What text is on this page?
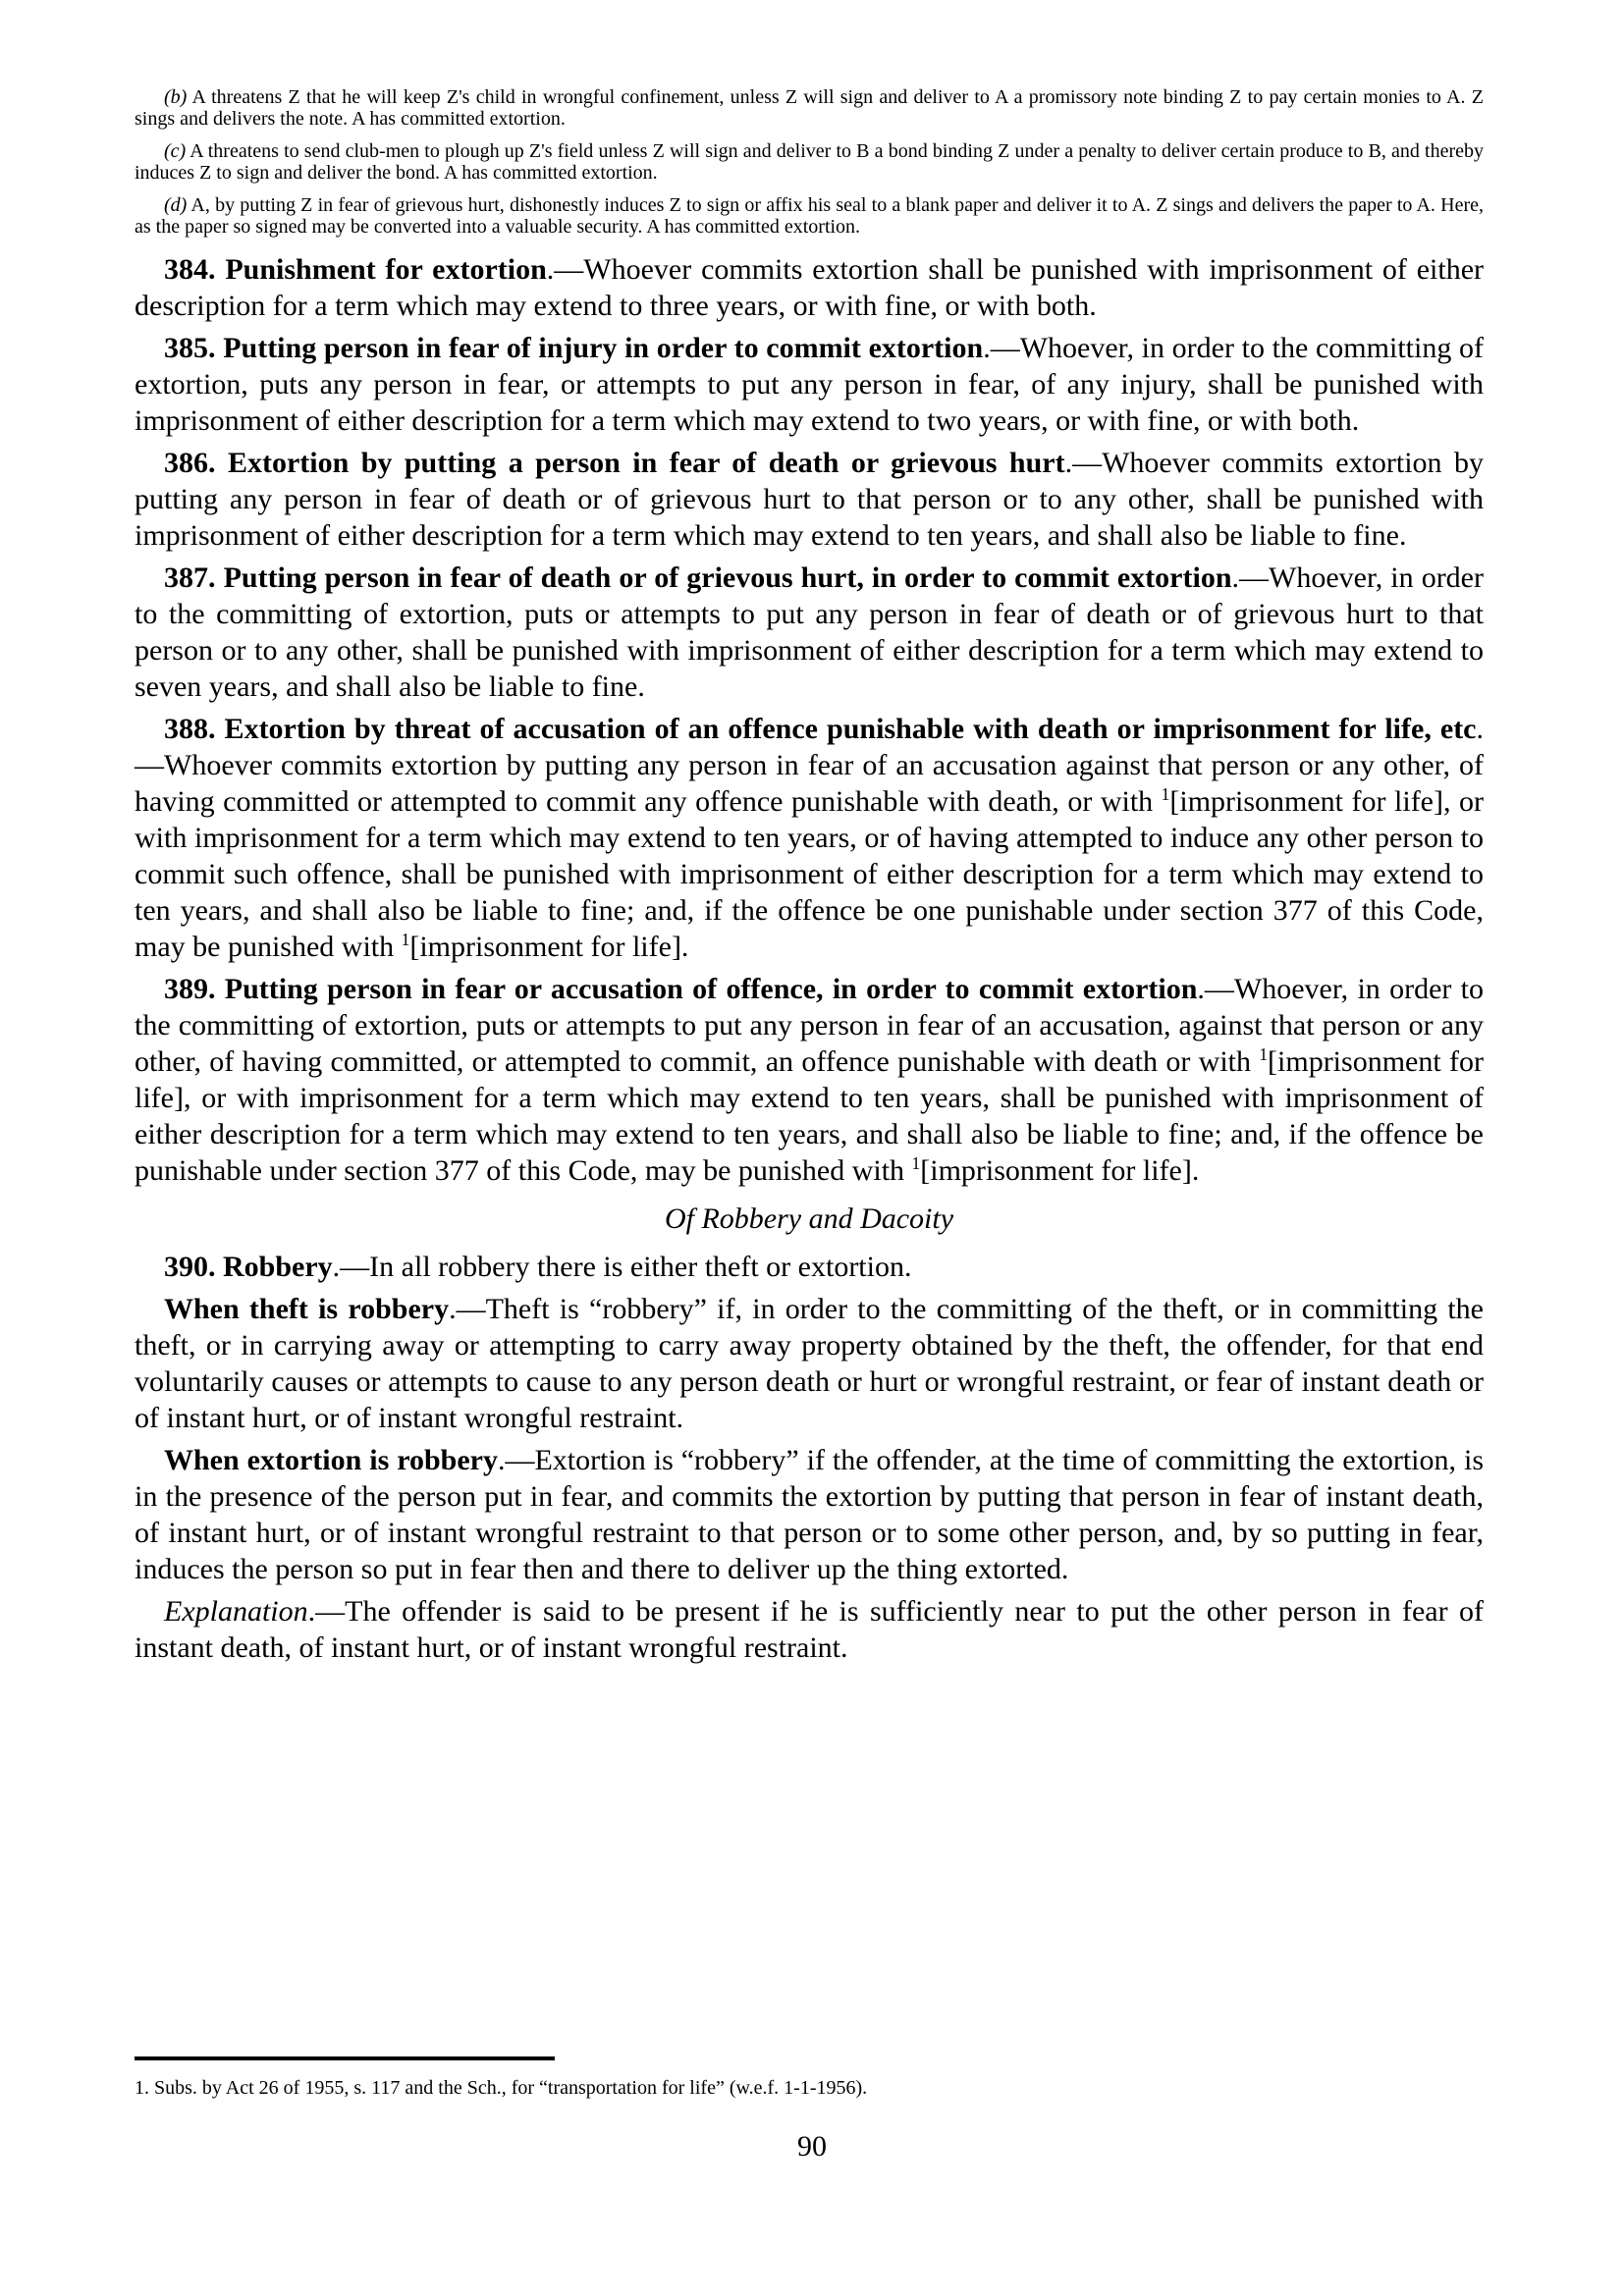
(b) A threatens Z that he will keep Z's child in wrongful confinement, unless Z will sign and deliver to A a promissory note binding Z to pay certain monies to A. Z sings and delivers the note. A has committed extortion.

(c) A threatens to send club-men to plough up Z's field unless Z will sign and deliver to B a bond binding Z under a penalty to deliver certain produce to B, and thereby induces Z to sign and deliver the bond. A has committed extortion.

(d) A, by putting Z in fear of grievous hurt, dishonestly induces Z to sign or affix his seal to a blank paper and deliver it to A. Z sings and delivers the paper to A. Here, as the paper so signed may be converted into a valuable security. A has committed extortion.

384. Punishment for extortion.—Whoever commits extortion shall be punished with imprisonment of either description for a term which may extend to three years, or with fine, or with both.

385. Putting person in fear of injury in order to commit extortion.—Whoever, in order to the committing of extortion, puts any person in fear, or attempts to put any person in fear, of any injury, shall be punished with imprisonment of either description for a term which may extend to two years, or with fine, or with both.

386. Extortion by putting a person in fear of death or grievous hurt.—Whoever commits extortion by putting any person in fear of death or of grievous hurt to that person or to any other, shall be punished with imprisonment of either description for a term which may extend to ten years, and shall also be liable to fine.

387. Putting person in fear of death or of grievous hurt, in order to commit extortion.—Whoever, in order to the committing of extortion, puts or attempts to put any person in fear of death or of grievous hurt to that person or to any other, shall be punished with imprisonment of either description for a term which may extend to seven years, and shall also be liable to fine.

388. Extortion by threat of accusation of an offence punishable with death or imprisonment for life, etc.—Whoever commits extortion by putting any person in fear of an accusation against that person or any other, of having committed or attempted to commit any offence punishable with death, or with $^1$[imprisonment for life], or with imprisonment for a term which may extend to ten years, or of having attempted to induce any other person to commit such offence, shall be punished with imprisonment of either description for a term which may extend to ten years, and shall also be liable to fine; and, if the offence be one punishable under section 377 of this Code, may be punished with $^1$[imprisonment for life].

389. Putting person in fear or accusation of offence, in order to commit extortion.—Whoever, in order to the committing of extortion, puts or attempts to put any person in fear of an accusation, against that person or any other, of having committed, or attempted to commit, an offence punishable with death or with $^1$[imprisonment for life], or with imprisonment for a term which may extend to ten years, shall be punished with imprisonment of either description for a term which may extend to ten years, and shall also be liable to fine; and, if the offence be punishable under section 377 of this Code, may be punished with $^1$[imprisonment for life].

Of Robbery and Dacoity

390. Robbery.—In all robbery there is either theft or extortion.

When theft is robbery.—Theft is “robbery” if, in order to the committing of the theft, or in committing the theft, or in carrying away or attempting to carry away property obtained by the theft, the offender, for that end voluntarily causes or attempts to cause to any person death or hurt or wrongful restraint, or fear of instant death or of instant hurt, or of instant wrongful restraint.

When extortion is robbery.—Extortion is “robbery” if the offender, at the time of committing the extortion, is in the presence of the person put in fear, and commits the extortion by putting that person in fear of instant death, of instant hurt, or of instant wrongful restraint to that person or to some other person, and, by so putting in fear, induces the person so put in fear then and there to deliver up the thing extorted.

Explanation.—The offender is said to be present if he is sufficiently near to put the other person in fear of instant death, of instant hurt, or of instant wrongful restraint.

1. Subs. by Act 26 of 1955, s. 117 and the Sch., for “transportation for life” (w.e.f. 1-1-1956).
90
